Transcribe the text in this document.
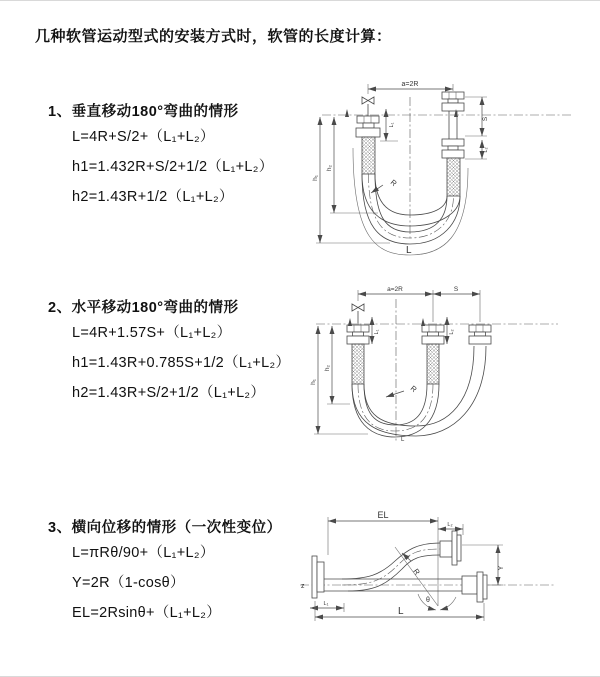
几种软管运动型式的安装方式时，软管的长度计算：
1、垂直移动180°弯曲的情形
L=4R+S/2+（L₁+L₂）
h1=1.432R+S/2+1/2（L₁+L₂）
h2=1.43R+1/2（L₁+L₂）
2、水平移动180°弯曲的情形
L=4R+1.57S+（L₁+L₂）
h1=1.43R+0.785S+1/2（L₁+L₂）
h2=1.43R+S/2+1/2（L₁+L₂）
3、横向位移的情形（一次性变位）
L=πRθ/90+（L₁+L₂）
Y=2R（1-cosθ）
EL=2Rsinθ+（L₁+L₂）
a=2R
h₁
h₂
L₁
S
L₂
R
L
a=2R	S
h₁
h₂
L₁	L₂
R
L
z
EL
L₂
R
θ
Y
L₁
L
